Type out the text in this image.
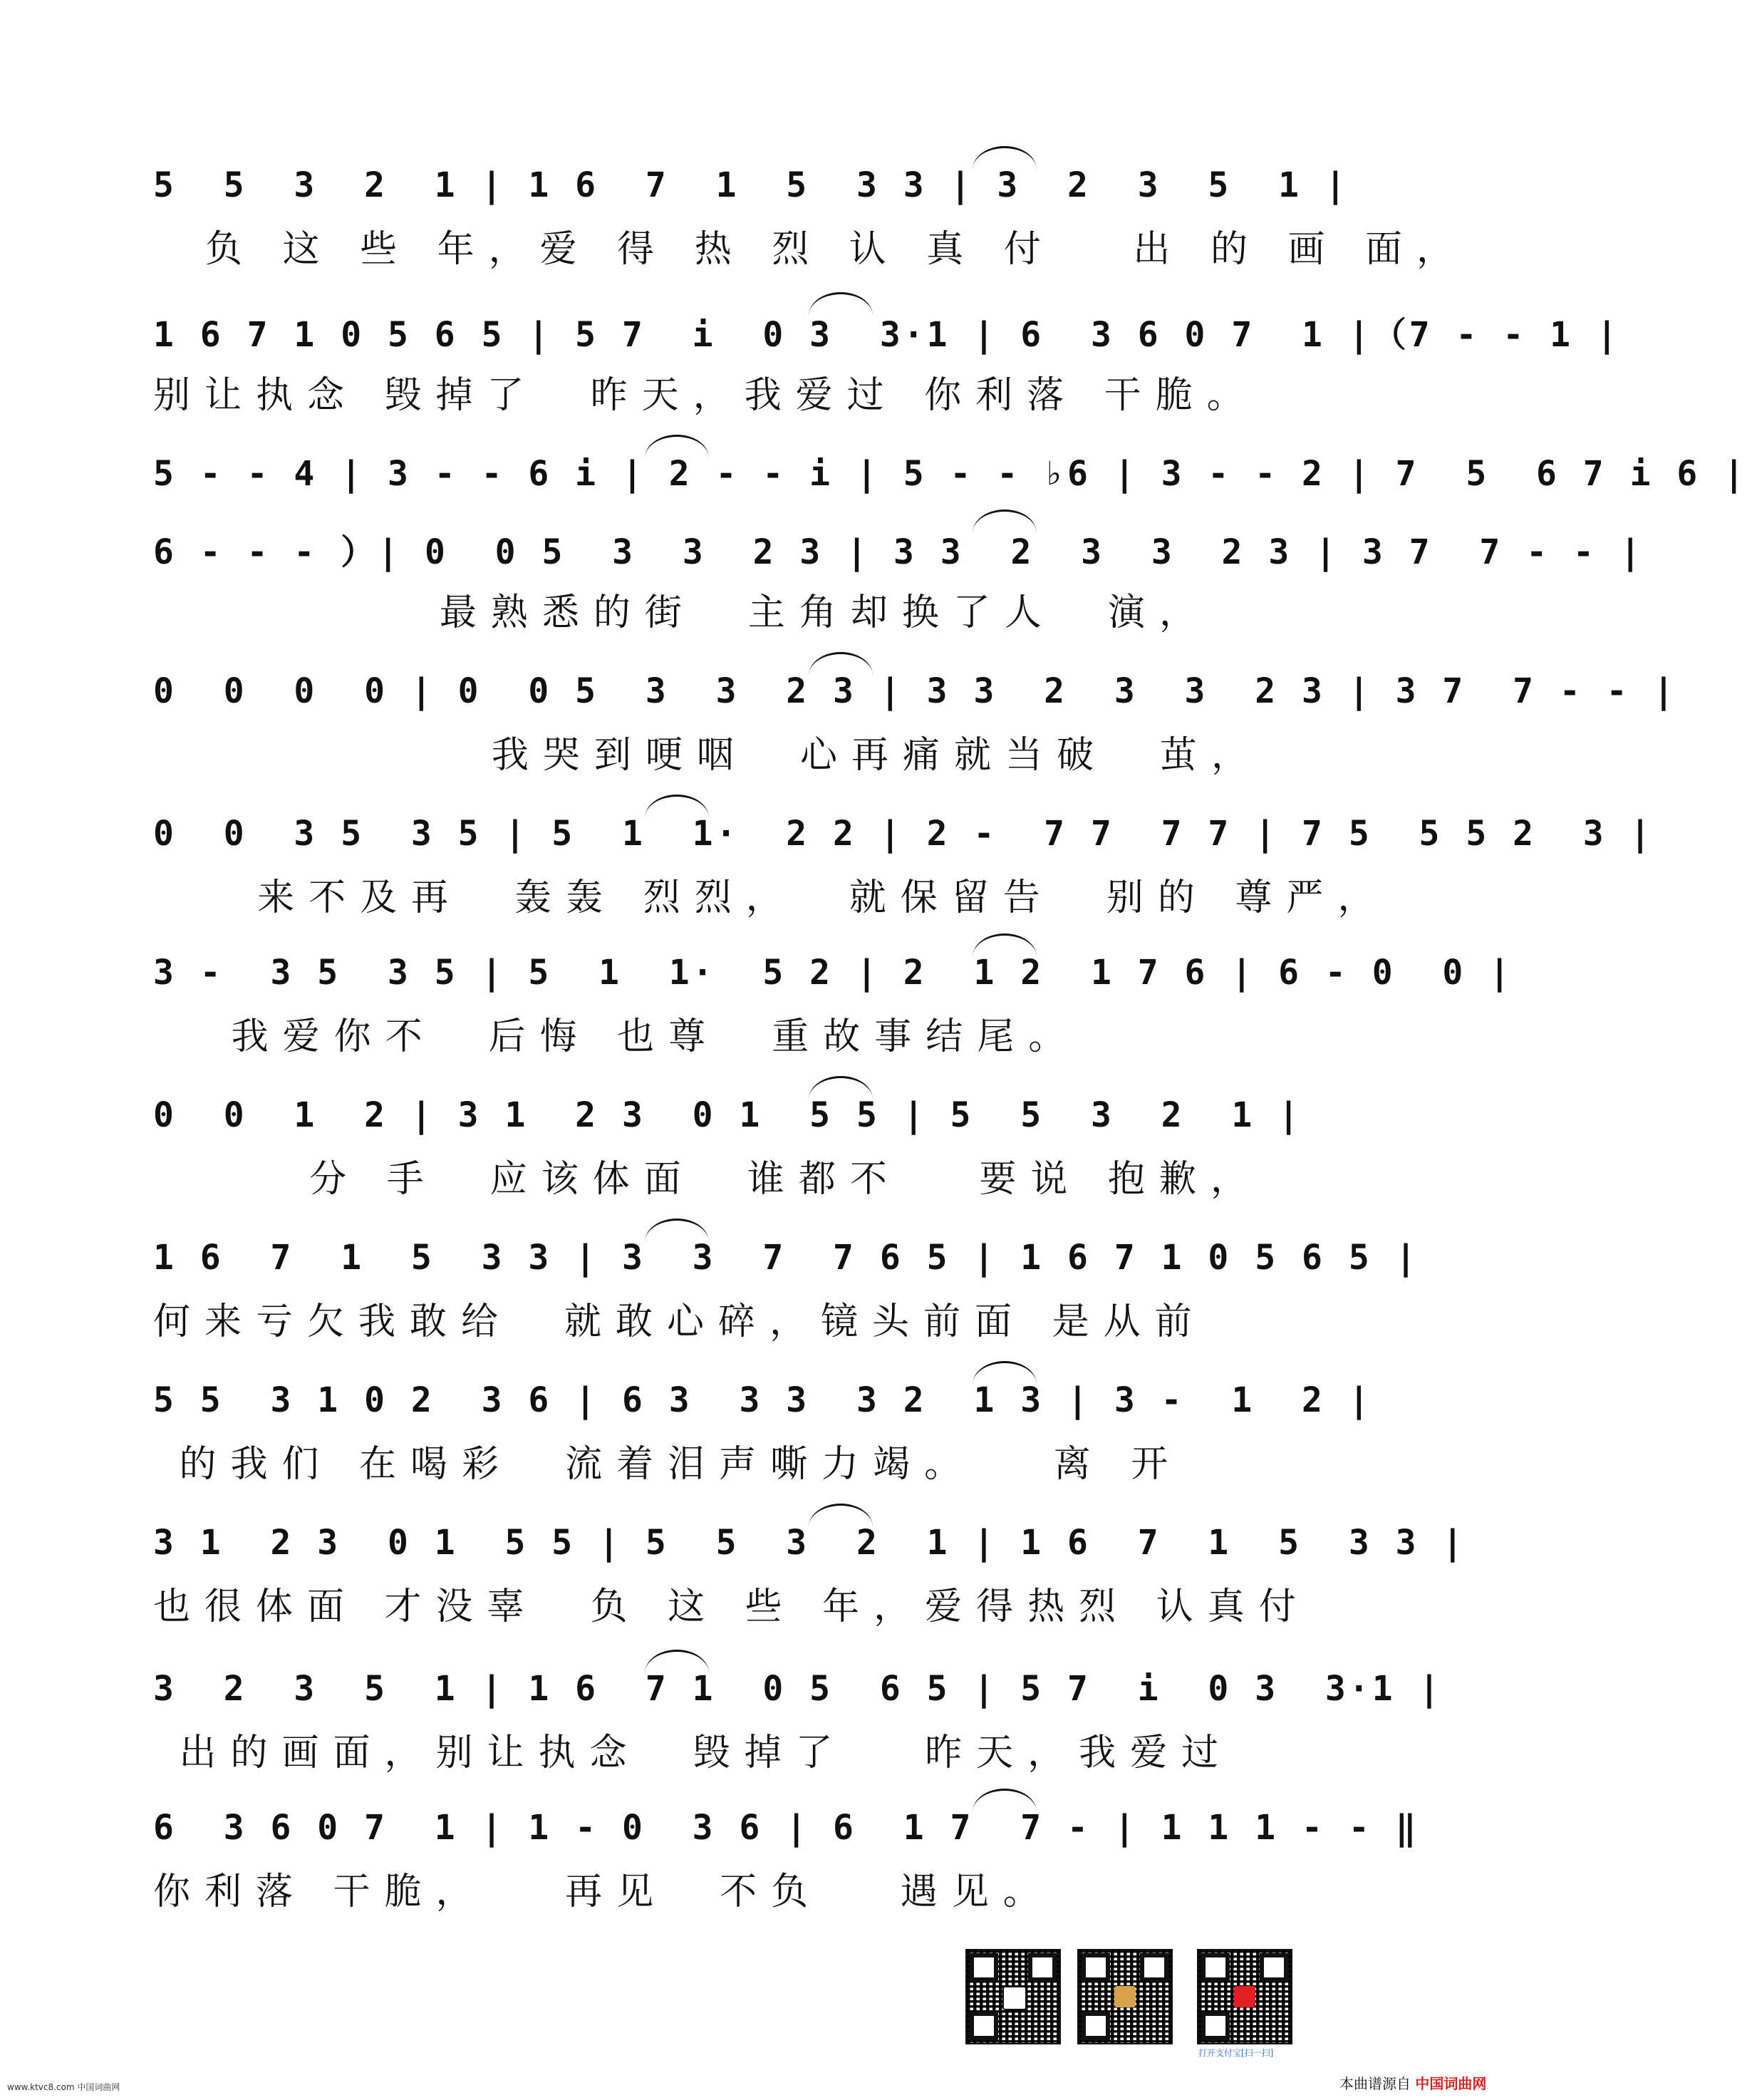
5  5  3  2  1 | 1 6  7  1  5  3 3 | 3  2  3  5  1 |
负 这 些 年，爱 得 热 烈 认 真 付   出 的 画 面，
1 6 7 1 0 5 6 5 | 5 7  i  0 3  3·1 | 6  3 6 0 7  1 |（7 - - 1 |
别让执念 毁掉了  昨天，我爱过 你利落 干脆。
5 - - 4 | 3 - - 6 i | 2 - - i | 5 - - ♭6 | 3 - - 2 | 7  5  6 7 i 6 |
6 - - - ）| 0  0 5  3  3  2 3 | 3 3  2  3  3  2 3 | 3 7  7 - - |
最熟悉的街  主角却换了人  演，
0  0  0  0 | 0  0 5  3  3  2 3 | 3 3  2  3  3  2 3 | 3 7  7 - - |
我哭到哽咽  心再痛就当破  茧，
0  0  3 5  3 5 | 5  1  1·  2 2 | 2 -  7 7  7 7 | 7 5  5 5 2  3 |
来不及再  轰轰 烈烈，  就保留告  别的 尊严，
3 -  3 5  3 5 | 5  1  1·  5 2 | 2  1 2  1 7 6 | 6 - 0  0 |
我爱你不  后悔 也尊  重故事结尾。
0  0  1  2 | 3 1  2 3  0 1  5 5 | 5  5  3  2  1 |
分 手  应该体面  谁都不   要说 抱歉，
1 6  7  1  5  3 3 | 3  3  7  7 6 5 | 1 6 7 1 0 5 6 5 |
何来亏欠我敢给  就敢心碎，镜头前面 是从前
5 5  3 1 0 2  3 6 | 6 3  3 3  3 2  1 3 | 3 -  1  2 |
的我们 在喝彩  流着泪声嘶力竭。   离 开
3 1  2 3  0 1  5 5 | 5  5  3  2  1 | 1 6  7  1  5  3 3 |
也很体面 才没辜  负 这 些 年，爱得热烈 认真付
3  2  3  5  1 | 1 6  7 1  0 5  6 5 | 5 7  i  0 3  3·1 |
出的画面，别让执念  毁掉了   昨天，我爱过
6  3 6 0 7  1 | 1 - 0  3 6 | 6  1 7  7 - | 1 1 1 - - ‖
你利落 干脆，   再见  不负   遇见。
打开支付宝[扫一扫]
www.ktvc8.com 中国词曲网	本曲谱源自 中国词曲网
